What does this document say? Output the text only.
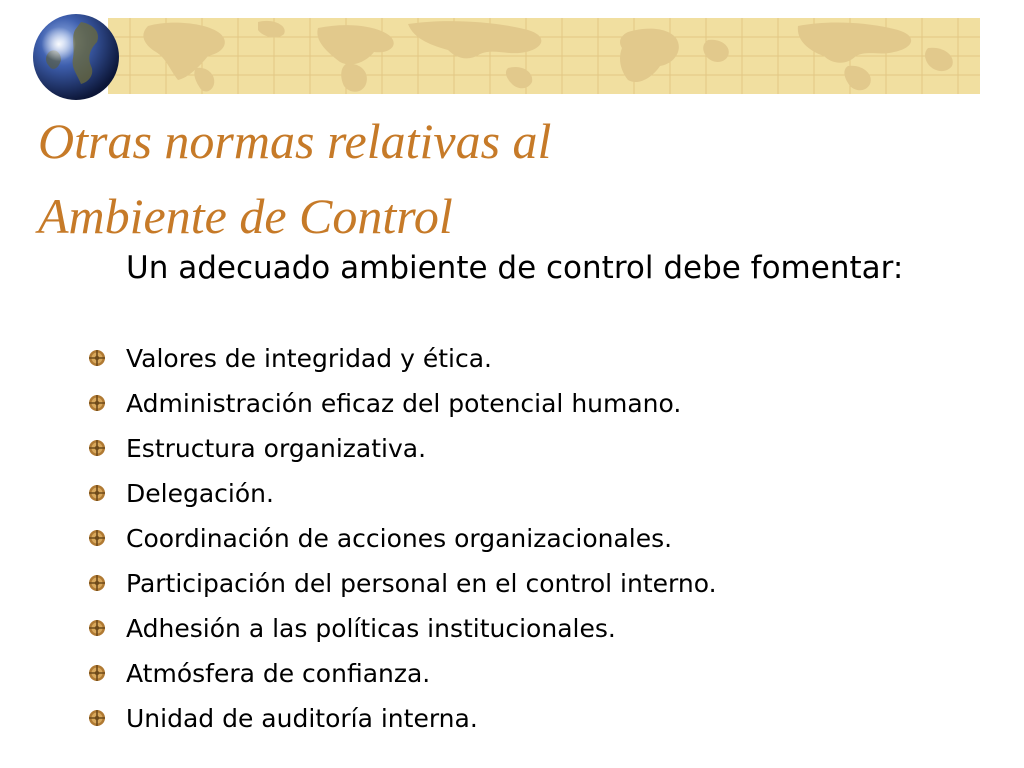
Otras normas relativas al
Ambiente de Control

Un adecuado ambiente de control debe fomentar:

Valores de integridad y ética.
Administración eficaz del potencial humano.
Estructura organizativa.
Delegación.
Coordinación de acciones organizacionales.
Participación del personal en el control interno.
Adhesión a las políticas institucionales.
Atmósfera de confianza.
Unidad de auditoría interna.
